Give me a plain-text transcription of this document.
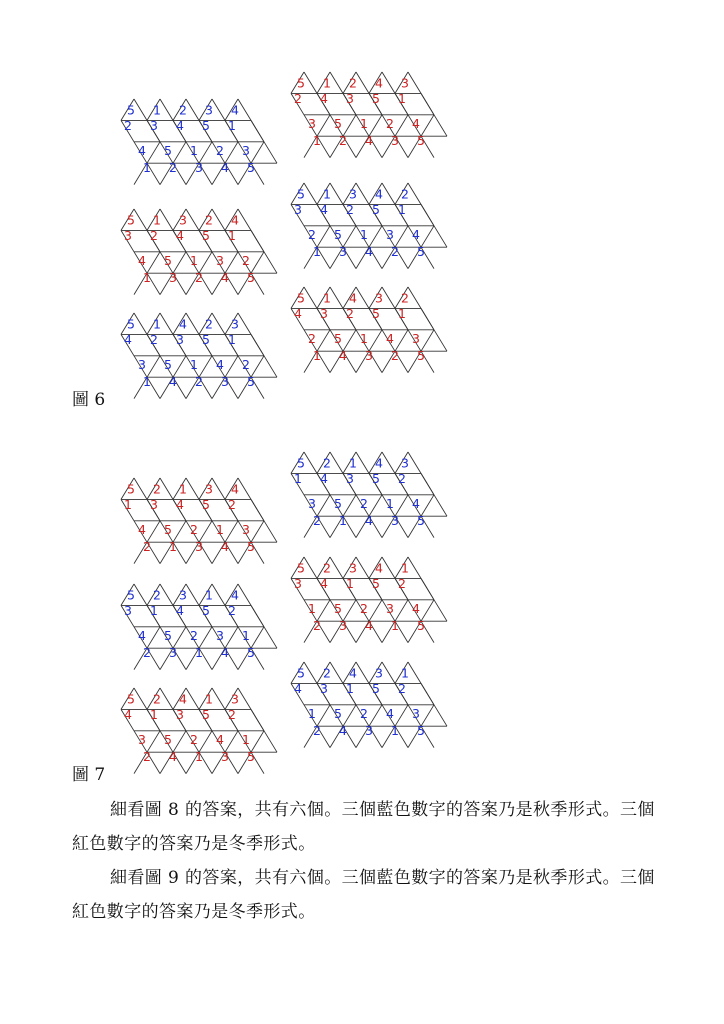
5 1 2 4 3
2 4 3 5 1
3 5 1 2 4
1 2 4 3 5
5 1 2 3 4
2 3 4 5 1
4 5 1 2 3
1 2 3 4 5
5 1 3 4 2
3 4 2 5 1
2 5 1 3 4
1 3 4 2 5
5 1 3 2 4
3 2 4 5 1
4 5 1 3 2
1 3 2 4 5
5 1 4 3 2
4 3 2 5 1
2 5 1 4 3
1 4 3 2 5
5 1 4 2 3
4 2 3 5 1
3 5 1 4 2
1 4 2 3 5
圖 6
5 2 1 4 3
1 4 3 5 2
3 5 2 1 4
2 1 4 3 5
5 2 1 3 4
1 3 4 5 2
4 5 2 1 3
2 1 3 4 5
5 2 3 4 1
3 4 1 5 2
1 5 2 3 4
2 3 4 1 5
5 2 3 1 4
3 1 4 5 2
4 5 2 3 1
2 3 1 4 5
5 2 4 3 1
4 3 1 5 2
1 5 2 4 3
2 4 3 1 5
5 2 4 1 3
4 1 3 5 2
3 5 2 4 1
2 4 1 3 5
圖 7

細看圖 8 的答案，共有六個。三個藍色數字的答案乃是秋季形式。三個紅色數字的答案乃是冬季形式。

細看圖 9 的答案，共有六個。三個藍色數字的答案乃是秋季形式。三個紅色數字的答案乃是冬季形式。
